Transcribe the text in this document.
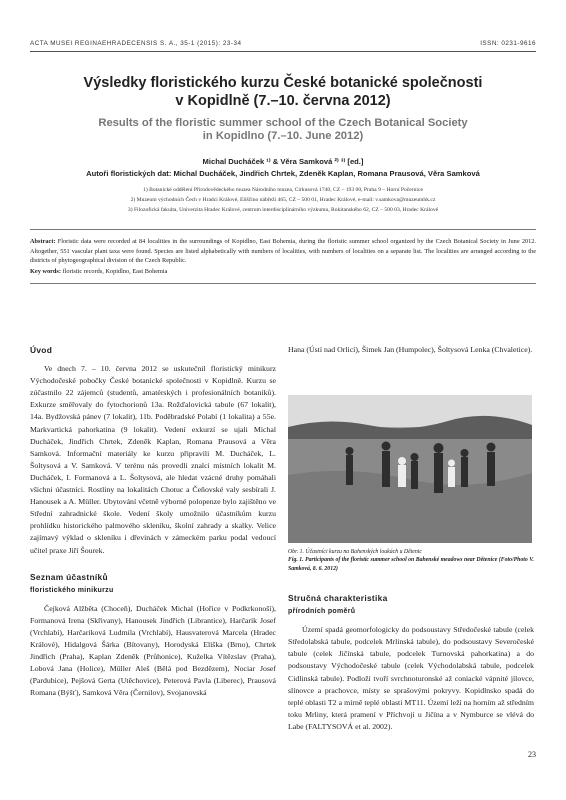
ACTA MUSEI REGINAEHRADECENSIS S. A., 35-1 (2015): 23-34	ISSN: 0231-9616
Výsledky floristického kurzu České botanické společnosti
v Kopidlně (7.–10. června 2012)
Results of the floristic summer school of the Czech Botanical Society
in Kopidlno (7.–10. June 2012)
Michal Ducháček ¹⁾ & Věra Samková ²⁾ ³⁾ [ed.]
Autoři floristických dat: Michal Ducháček, Jindřich Chrtek, Zdeněk Kaplan, Romana Prausová, Věra Samková
1) Botanické oddělení Přírodovědeckého muzea Národního muzea, Cirkusová 1740, CZ – 193 00, Praha 9 – Horní Počernice
2) Muzeum východních Čech v Hradci Králové, Eliščino nábřeží 465, CZ – 500 01, Hradec Králové, e-mail: v.samkova@muzeumhk.cz
3) Filozofická fakulta, Univerzita Hradec Králové, centrum interdisciplinárního výzkumu, Rokitanského 62, CZ – 500 03, Hradec Králové
Abstract: Floristic data were recorded at 84 localities in the surroundings of Kopidlno, East Bohemia, during the floristic summer school organized by the Czech Botanical Society in June 2012. Altogether, 551 vascular plant taxa were found. Species are listed alphabetically with numbers of localities, with numbers of localities on a separate list. The localities are arranged according to the districts of phytogeographical division of the Czech Republic.
Key words: floristic records, Kopidlno, East Bohemia
Úvod

Ve dnech 7. – 10. června 2012 se uskutečnil floristický minikurz Východočeské pobočky České botanické společnosti v Kopidlně. Kurzu se zúčastnilo 22 zájemců (studentů, amatérských i profesionálních botaniků). Exkurze směřovaly do fytochorionů 13a. Rožďalovická tabule (67 lokalit), 14a. Bydžovská pánev (7 lokalit), 11b. Poděbradské Polabí (1 lokalita) a 55e. Markvartická pahorkatina (9 lokalit). Vedení exkurzí se ujali Michal Ducháček, Jindřich Chrtek, Zdeněk Kaplan, Romana Prausová a Věra Samková. Informační materiály ke kurzu připravili M. Ducháček, L. Šoltysová a V. Samková. V terénu nás provedli znalci místních lokalit M. Ducháček, I. Formanová a L. Šoltysová, ale hledat vzácné druhy pomáhali všichni účastníci. Rostliny na lokalitách Chotuc a Čeňovské valy sesbírali J. Hanousek a A. Müller. Ubytování včetně výborné polopenze bylo zajištěno ve Střední zahradnické škole. Vedení školy umožnilo účastníkům kurzu prohlídku historického palmového skleníku, školní zahrady a skalky. Velice zajímavý výklad o skleníku i dřevinách v zámeckém parku podal vedoucí učitel praxe Jiří Šourek.

Seznam účastníků
floristického minikurzu

Čejková Alžběta (Choceň), Ducháček Michal (Hořice v Podkrkonoší), Formanová Irena (Skřivany), Hanousek Jindřich (Librantice), Harčarik Josef (Vrchlabí), Harčariková Ludmila (Vrchlabí), Hausvaterová Marcela (Hradec Králové), Hidalgová Šárka (Bítovany), Horodyská Eliška (Brno), Chrtek Jindřich (Praha), Kaplan Zdeněk (Průhonice), Kuželka Vítězslav (Praha), Lobová Jana (Holice), Müller Aleš (Bělá pod Bezdězem), Nociar Josef (Pardubice), Pejšová Gerta (Utěchovice), Peterová Pavla (Liberec), Prausová Romana (Býšť), Samková Věra (Černilov), Svojanovská

Hana (Ústí nad Orlicí), Šimek Jan (Humpolec), Šoltysová Lenka (Chvaletice).

Obr. 1. Účastníci kurzu na Bahenských loukách u Dětenic
Fig. 1. Participants of the floristic summer school on Bahenské meadows near Dětenice (Foto/Photo V. Samková, 8. 6. 2012)
Stručná charakteristika
přírodních poměrů

Území spadá geomorfologicky do podsoustavy Středočeské tabule (celek Středolabská tabule, podcelek Mrlinská tabule), do podsoustavy Severočeské tabule (celek Jičínská tabule, podcelek Turnovská pahorkatina) a do podsoustavy Východočeské tabule (celek Východolabská tabule, podcelek Cidlinská tabule). Podloží tvoří svrchnoturonské až coniacké vápnité jílovce, slínovce a prachovce, místy se sprašovými pokryvy. Kopidlnsko spadá do teplé oblasti T2 a mírně teplé oblasti MT11. Území leží na horním až středním toku Mrliny, která pramení v Příchvoji u Jičína a v Nymburce se vlévá do Labe (FALTYSOVÁ et al. 2002).

23
